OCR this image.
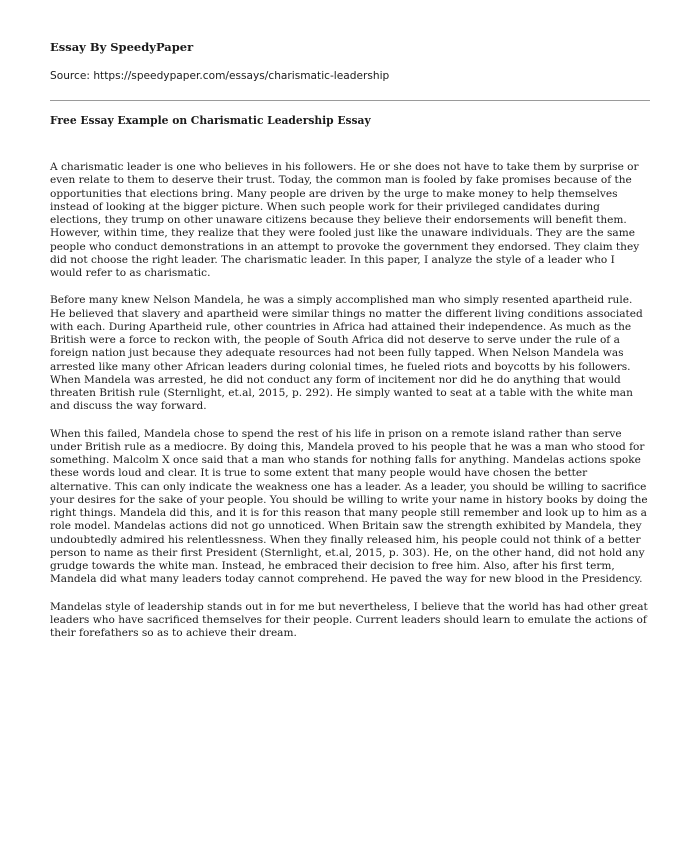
Essay By SpeedyPaper
Source: https://speedypaper.com/essays/charismatic-leadership
Free Essay Example on Charismatic Leadership Essay

A charismatic leader is one who believes in his followers. He or she does not have to take them by surprise or even relate to them to deserve their trust. Today, the common man is fooled by fake promises because of the opportunities that elections bring. Many people are driven by the urge to make money to help themselves instead of looking at the bigger picture. When such people work for their privileged candidates during elections, they trump on other unaware citizens because they believe their endorsements will benefit them. However, within time, they realize that they were fooled just like the unaware individuals. They are the same people who conduct demonstrations in an attempt to provoke the government they endorsed. They claim they did not choose the right leader. The charismatic leader. In this paper, I analyze the style of a leader who I would refer to as charismatic.

Before many knew Nelson Mandela, he was a simply accomplished man who simply resented apartheid rule. He believed that slavery and apartheid were similar things no matter the different living conditions associated with each. During Apartheid rule, other countries in Africa had attained their independence. As much as the British were a force to reckon with, the people of South Africa did not deserve to serve under the rule of a foreign nation just because they adequate resources had not been fully tapped. When Nelson Mandela was arrested like many other African leaders during colonial times, he fueled riots and boycotts by his followers. When Mandela was arrested, he did not conduct any form of incitement nor did he do anything that would threaten British rule (Sternlight, et.al, 2015, p. 292). He simply wanted to seat at a table with the white man and discuss the way forward.

When this failed, Mandela chose to spend the rest of his life in prison on a remote island rather than serve under British rule as a mediocre. By doing this, Mandela proved to his people that he was a man who stood for something. Malcolm X once said that a man who stands for nothing falls for anything. Mandelas actions spoke these words loud and clear. It is true to some extent that many people would have chosen the better alternative. This can only indicate the weakness one has a leader. As a leader, you should be willing to sacrifice your desires for the sake of your people. You should be willing to write your name in history books by doing the right things. Mandela did this, and it is for this reason that many people still remember and look up to him as a role model. Mandelas actions did not go unnoticed. When Britain saw the strength exhibited by Mandela, they undoubtedly admired his relentlessness. When they finally released him, his people could not think of a better person to name as their first President (Sternlight, et.al, 2015, p. 303). He, on the other hand, did not hold any grudge towards the white man. Instead, he embraced their decision to free him. Also, after his first term, Mandela did what many leaders today cannot comprehend. He paved the way for new blood in the Presidency.

Mandelas style of leadership stands out in for me but nevertheless, I believe that the world has had other great leaders who have sacrificed themselves for their people. Current leaders should learn to emulate the actions of their forefathers so as to achieve their dream.
